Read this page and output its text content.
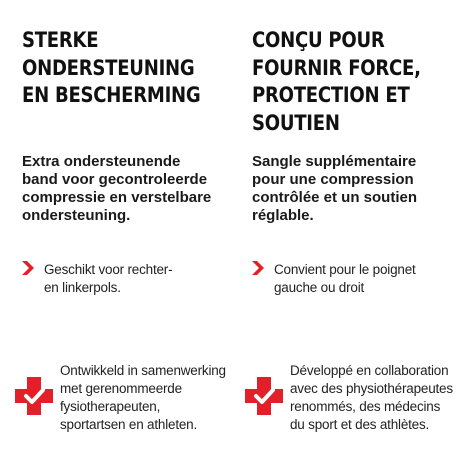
STERKE
ONDERSTEUNING
EN BESCHERMING

Extra ondersteunende
band voor gecontroleerde
compressie en verstelbare
ondersteuning.

Geschikt voor rechter-
en linkerpols.

Ontwikkeld in samenwerking
met gerenommeerde
fysiotherapeuten,
sportartsen en athleten.

CONÇU POUR
FOURNIR FORCE,
PROTECTION ET
SOUTIEN

Sangle supplémentaire
pour une compression
contrôlée et un soutien
réglable.

Convient pour le poignet
gauche ou droit

Développé en collaboration
avec des physiothérapeutes
renommés, des médecins
du sport et des athlètes.
